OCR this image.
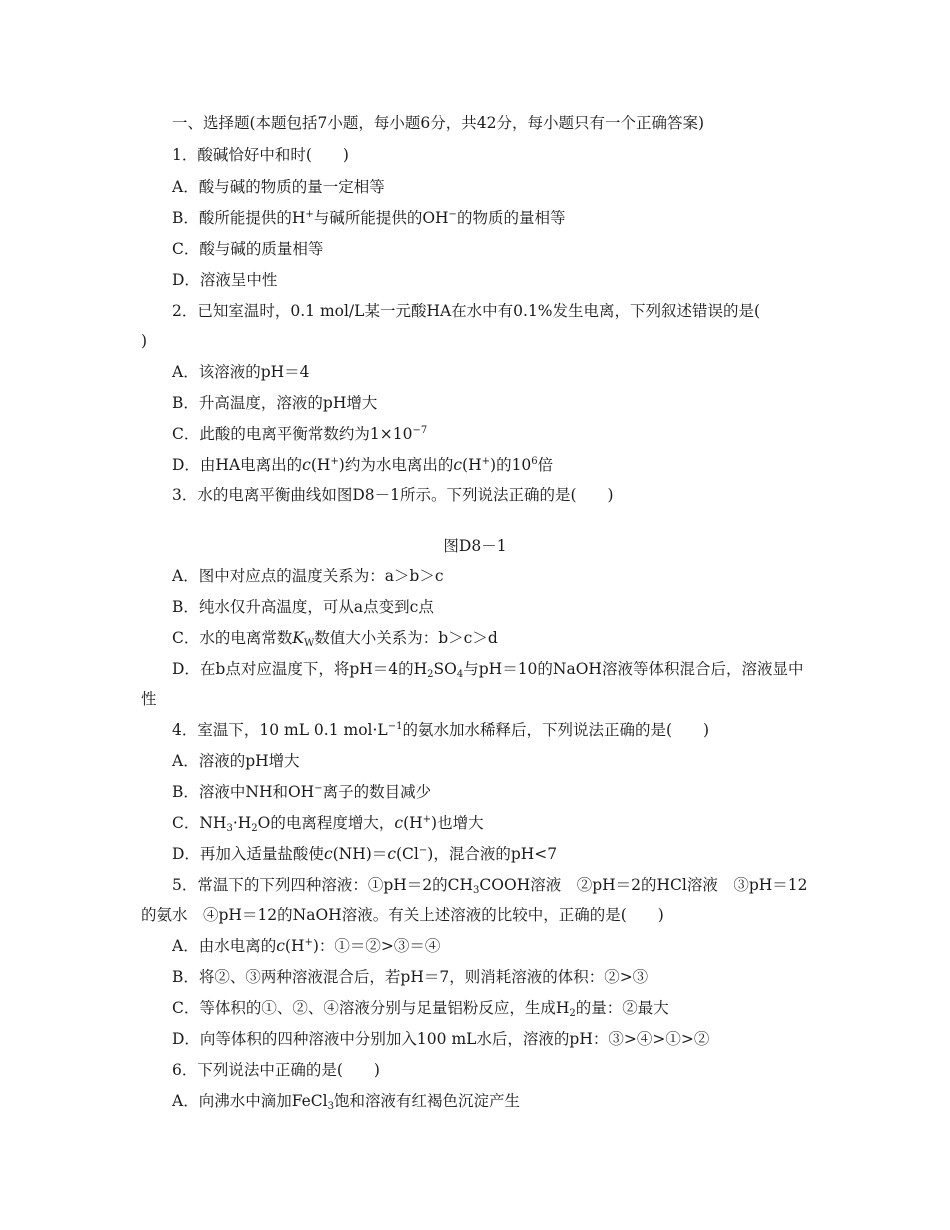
一、选择题(本题包括7小题，每小题6分，共42分，每小题只有一个正确答案)
1．酸碱恰好中和时(　　)
A．酸与碱的物质的量一定相等
B．酸所能提供的H+与碱所能提供的OH−的物质的量相等
C．酸与碱的质量相等
D．溶液呈中性
2．已知室温时，0.1 mol/L某一元酸HA在水中有0.1%发生电离，下列叙述错误的是(
)
A．该溶液的pH＝4
B．升高温度，溶液的pH增大
C．此酸的电离平衡常数约为$1\times 10^{-7}$
D．由HA电离出的c(H+)约为水电离出的c(H+)的$10^6$倍
3．水的电离平衡曲线如图D8－1所示。下列说法正确的是(　　)
图D8－1
A．图中对应点的温度关系为：a＞b＞c
B．纯水仅升高温度，可从a点变到c点
C．水的电离常数$K_W$数值大小关系为：b＞c＞d
D．在b点对应温度下，将pH＝4的$H_2SO_4$与pH＝10的NaOH溶液等体积混合后，溶液显中
性
4．室温下，10 mL 0.1 $mol\cdot L^{-1}$的氨水加水稀释后，下列说法正确的是(　　)
A．溶液的pH增大
B．溶液中NH和OH−离子的数目减少
C．$NH_3\cdot H_2O$的电离程度增大，c(H+)也增大
D．再加入适量盐酸使c(NH)＝c(Cl−)，混合液的pH<7
5．常温下的下列四种溶液：①pH＝2的$CH_3COOH$溶液　②pH＝2的HCl溶液　③pH＝12
的氨水　④pH＝12的NaOH溶液。有关上述溶液的比较中，正确的是(　　)
A．由水电离的c(H+)：①＝②>③＝④
B．将②、③两种溶液混合后，若pH＝7，则消耗溶液的体积：②>③
C．等体积的①、②、④溶液分别与足量铝粉反应，生成$H_2$的量：②最大
D．向等体积的四种溶液中分别加入100 mL水后，溶液的pH：③>④>①>②
6．下列说法中正确的是(　　)
A．向沸水中滴加FeCl$_3$饱和溶液有红褐色沉淀产生
